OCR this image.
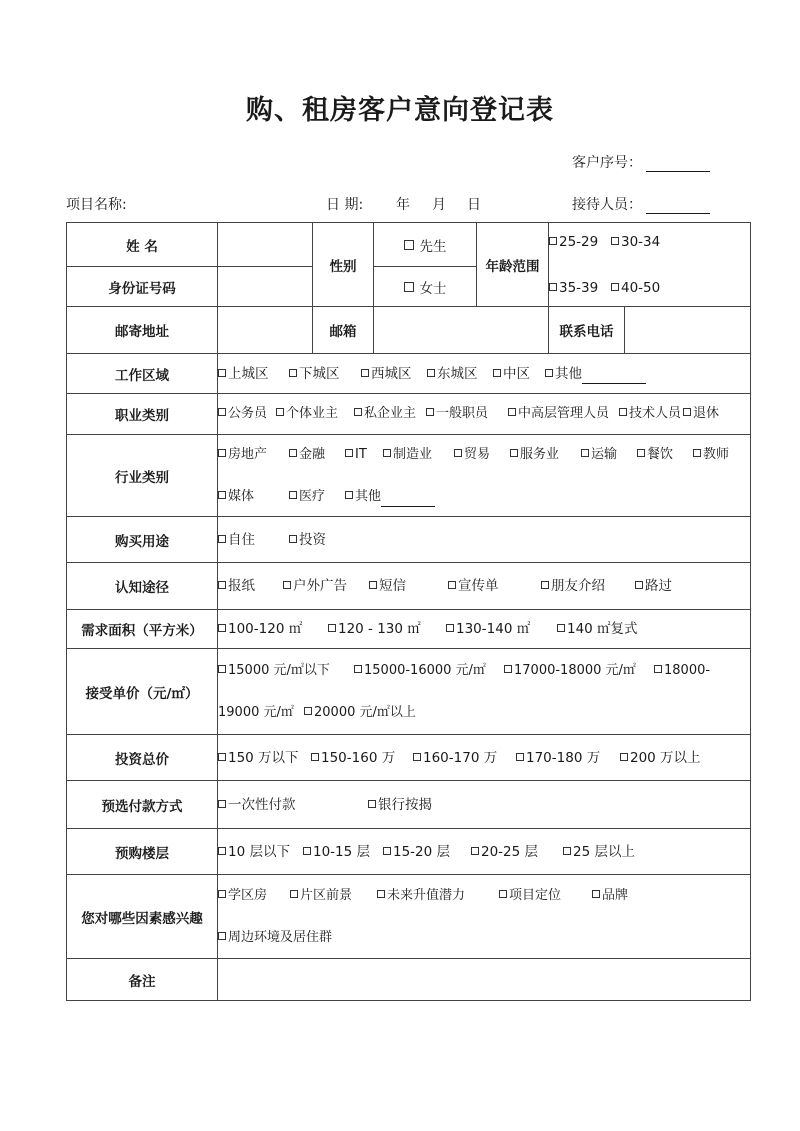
购、租房客户意向登记表
客户序号：
项目名称:	日 期: 年 月 日	接待人员：
姓 名		性别	先生	年龄范围	25-29 30-34
35-39 40-50	

身份证号码			女士			
邮寄地址		邮箱			联系电话	
工作区域	上城区 下城区 西城区 东城区 中区 其他					

职业类别	公务员 个体业主 私企业主 一般职员 中高层管理人员 技术人员 退休					

行业类别	房地产 金融 IT 制造业 贸易 服务业 运输 餐饮 教师
媒体 医疗 其他					

购买用途	自住 投资					

认知途径	报纸 户外广告 短信 宣传单 朋友介绍 路过					

需求面积（平方米）	100-120 ㎡ 120 - 130 ㎡ 130-140 ㎡ 140 ㎡复式					

接受单价（元/㎡）	15000 元/㎡以下 15000-16000 元/㎡ 17000-18000 元/㎡ 18000-
19000 元/㎡ 20000 元/㎡以上					

投资总价	150 万以下 150-160 万 160-170 万 170-180 万 200 万以上					

预选付款方式	一次性付款 银行按揭					

预购楼层	10 层以下 10-15 层 15-20 层 20-25 层 25 层以上					

您对哪些因素感兴趣	学区房 片区前景 未来升值潜力 项目定位 品牌
周边环境及居住群					

备注						
